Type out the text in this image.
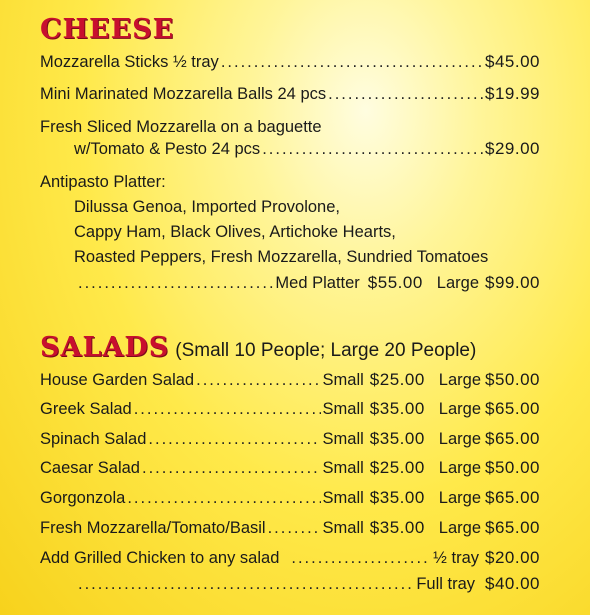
CHEESE
Mozzarella Sticks ½ tray .....	$45.00
Mini Marinated Mozzarella Balls 24 pcs .....	$19.99
Fresh Sliced Mozzarella on a baguette
w/Tomato & Pesto 24 pcs .....	$29.00
Antipasto Platter:
Dilussa Genoa, Imported Provolone,
Cappy Ham, Black Olives, Artichoke Hearts,
Roasted Peppers, Fresh Mozzarella, Sundried Tomatoes
.....
Med Platter $55.00 Large $99.00
SALADS (Small 10 People; Large 20 People)
House Garden Salad .....	Small $25.00 Large $50.00
Greek Salad .....	Small $35.00 Large $65.00
Spinach Salad .....	Small $35.00 Large $65.00
Caesar Salad .....	Small $25.00 Large $50.00
Gorgonzola .....	Small $35.00 Large $65.00
Fresh Mozzarella/Tomato/Basil .....	Small $35.00 Large $65.00
Add Grilled Chicken to any salad .....	½ tray $20.00
.....
Full tray $40.00
